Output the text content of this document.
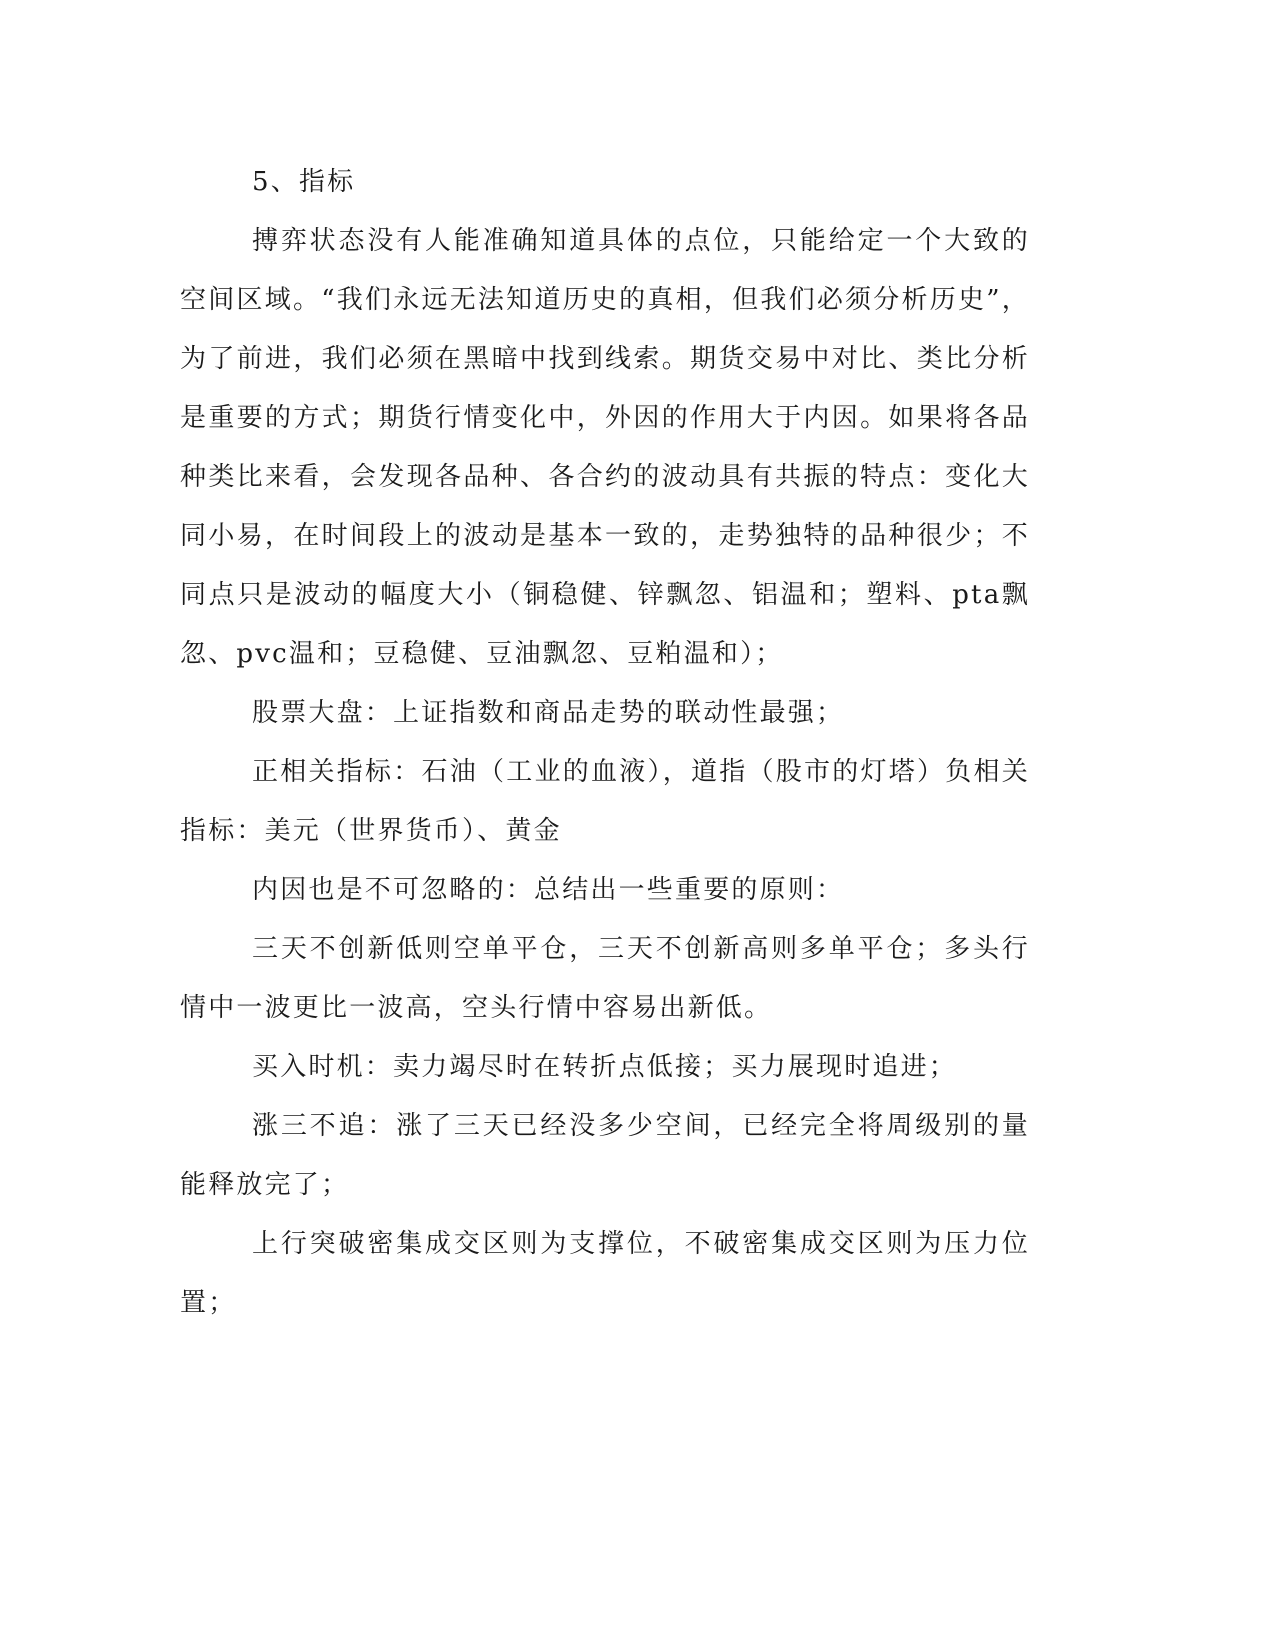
5、指标

搏弈状态没有人能准确知道具体的点位，只能给定一个大致的空间区域。“我们永远无法知道历史的真相，但我们必须分析历史”，为了前进，我们必须在黑暗中找到线索。期货交易中对比、类比分析是重要的方式；期货行情变化中，外因的作用大于内因。如果将各品种类比来看，会发现各品种、各合约的波动具有共振的特点：变化大同小易，在时间段上的波动是基本一致的，走势独特的品种很少；不同点只是波动的幅度大小（铜稳健、锌飘忽、铝温和；塑料、pta飘忽、pvc温和；豆稳健、豆油飘忽、豆粕温和）；

股票大盘：上证指数和商品走势的联动性最强；

正相关指标：石油（工业的血液），道指（股市的灯塔）负相关指标：美元（世界货币）、黄金

内因也是不可忽略的：总结出一些重要的原则：

三天不创新低则空单平仓，三天不创新高则多单平仓；多头行情中一波更比一波高，空头行情中容易出新低。

买入时机：卖力竭尽时在转折点低接；买力展现时追进；

涨三不追：涨了三天已经没多少空间，已经完全将周级别的量能释放完了；

上行突破密集成交区则为支撑位，不破密集成交区则为压力位置；
